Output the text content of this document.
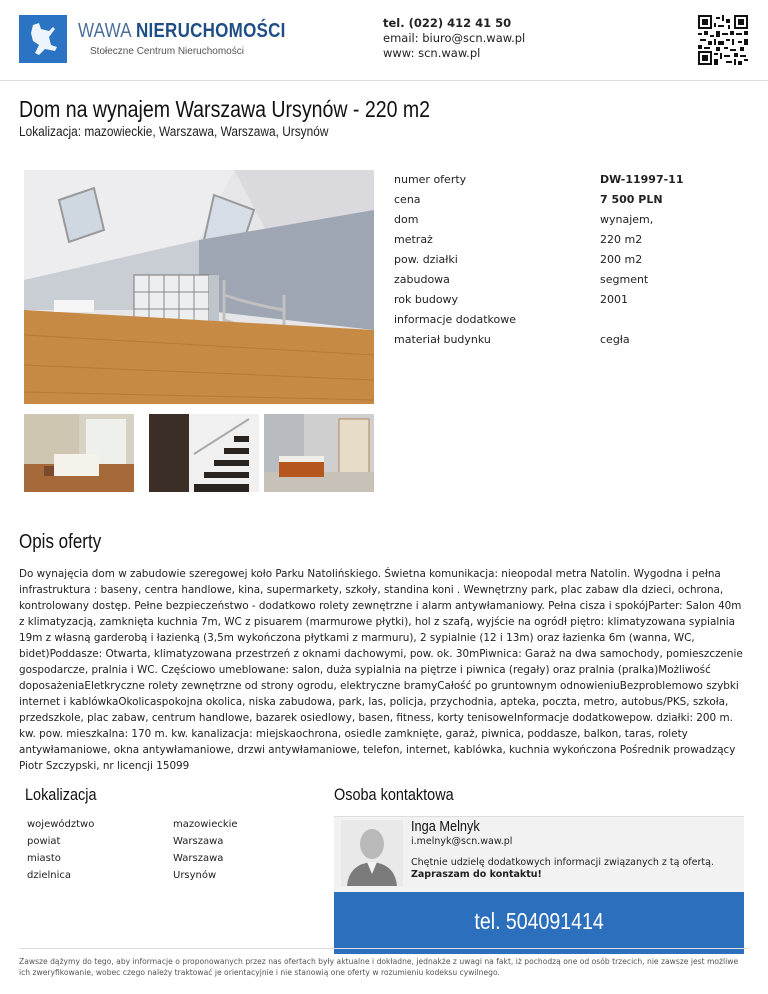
WAWA NIERUCHOMOŚCI
Stołeczne Centrum Nieruchomości
tel. (022) 412 41 50
email: biuro@scn.waw.pl
www: scn.waw.pl
Dom na wynajem Warszawa Ursynów - 220 m2
Lokalizacja: mazowieckie, Warszawa, Warszawa, Ursynów
numer oferty	DW-11997-11
cena	7 500 PLN
dom	wynajem,
metraż	220 m2
pow. działki	200 m2
zabudowa	segment
rok budowy	2001
informacje dodatkowe
materiał budynku	cegła
Opis oferty
Do wynajęcia dom w zabudowie szeregowej koło Parku Natolińskiego. Świetna komunikacja: nieopodal metra Natolin. Wygodna i pełna infrastruktura : baseny, centra handlowe, kina, supermarkety, szkoły, standina koni . Wewnętrzny park, plac zabaw dla dzieci, ochrona, kontrolowany dostęp. Pełne bezpieczeństwo - dodatkowo rolety zewnętrzne i alarm antywłamaniowy. Pełna cisza i spokójParter: Salon 40m z klimatyzacją, zamknięta kuchnia 7m, WC z pisuarem (marmurowe płytki), hol z szafą, wyjście na ogródł piętro: klimatyzowana sypialnia 19m z własną garderobą i łazienką (3,5m wykończona płytkami z marmuru), 2 sypialnie (12 i 13m) oraz łazienka 6m (wanna, WC, bidet)Poddasze: Otwarta, klimatyzowana przestrzeń z oknami dachowymi, pow. ok. 30mPiwnica: Garaż na dwa samochody, pomieszczenie gospodarcze, pralnia i WC. Częściowo umeblowane: salon, duża sypialnia na piętrze i piwnica (regały) oraz pralnia (pralka)Możliwość doposażeniaEletkryczne rolety zewnętrzne od strony ogrodu, elektryczne bramyCałość po gruntownym odnowieniuBezproblemowo szybki internet i kablówkaOkolicaspokojna okolica, niska zabudowa, park, las, policja, przychodnia, apteka, poczta, metro, autobus/PKS, szkoła, przedszkole, plac zabaw, centrum handlowe, bazarek osiedlowy, basen, fitness, korty tenisoweInformacje dodatkowepow. działki: 200 m. kw. pow. mieszkalna: 170 m. kw. kanalizacja: miejskaochrona, osiedle zamknięte, garaż, piwnica, poddasze, balkon, taras, rolety antywłamaniowe, okna antywłamaniowe, drzwi antywłamaniowe, telefon, internet, kablówka, kuchnia wykończona Pośrednik prowadzący Piotr Szczypski, nr licencji 15099
Lokalizacja
województwo	mazowieckie
powiat	Warszawa
miasto	Warszawa
dzielnica	Ursynów
Osoba kontaktowa
Inga Melnyk
i.melnyk@scn.waw.pl
Chętnie udzielę dodatkowych informacji związanych z tą ofertą.
Zapraszam do kontaktu!
tel. 504091414
Zawsze dążymy do tego, aby informacje o proponowanych przez nas ofertach były aktualne i dokładne, jednakże z uwagi na fakt, iż pochodzą one od osób trzecich, nie zawsze jest możliwe ich zweryfikowanie, wobec czego należy traktować je orientacyjnie i nie stanowią one oferty w rozumieniu kodeksu cywilnego.
